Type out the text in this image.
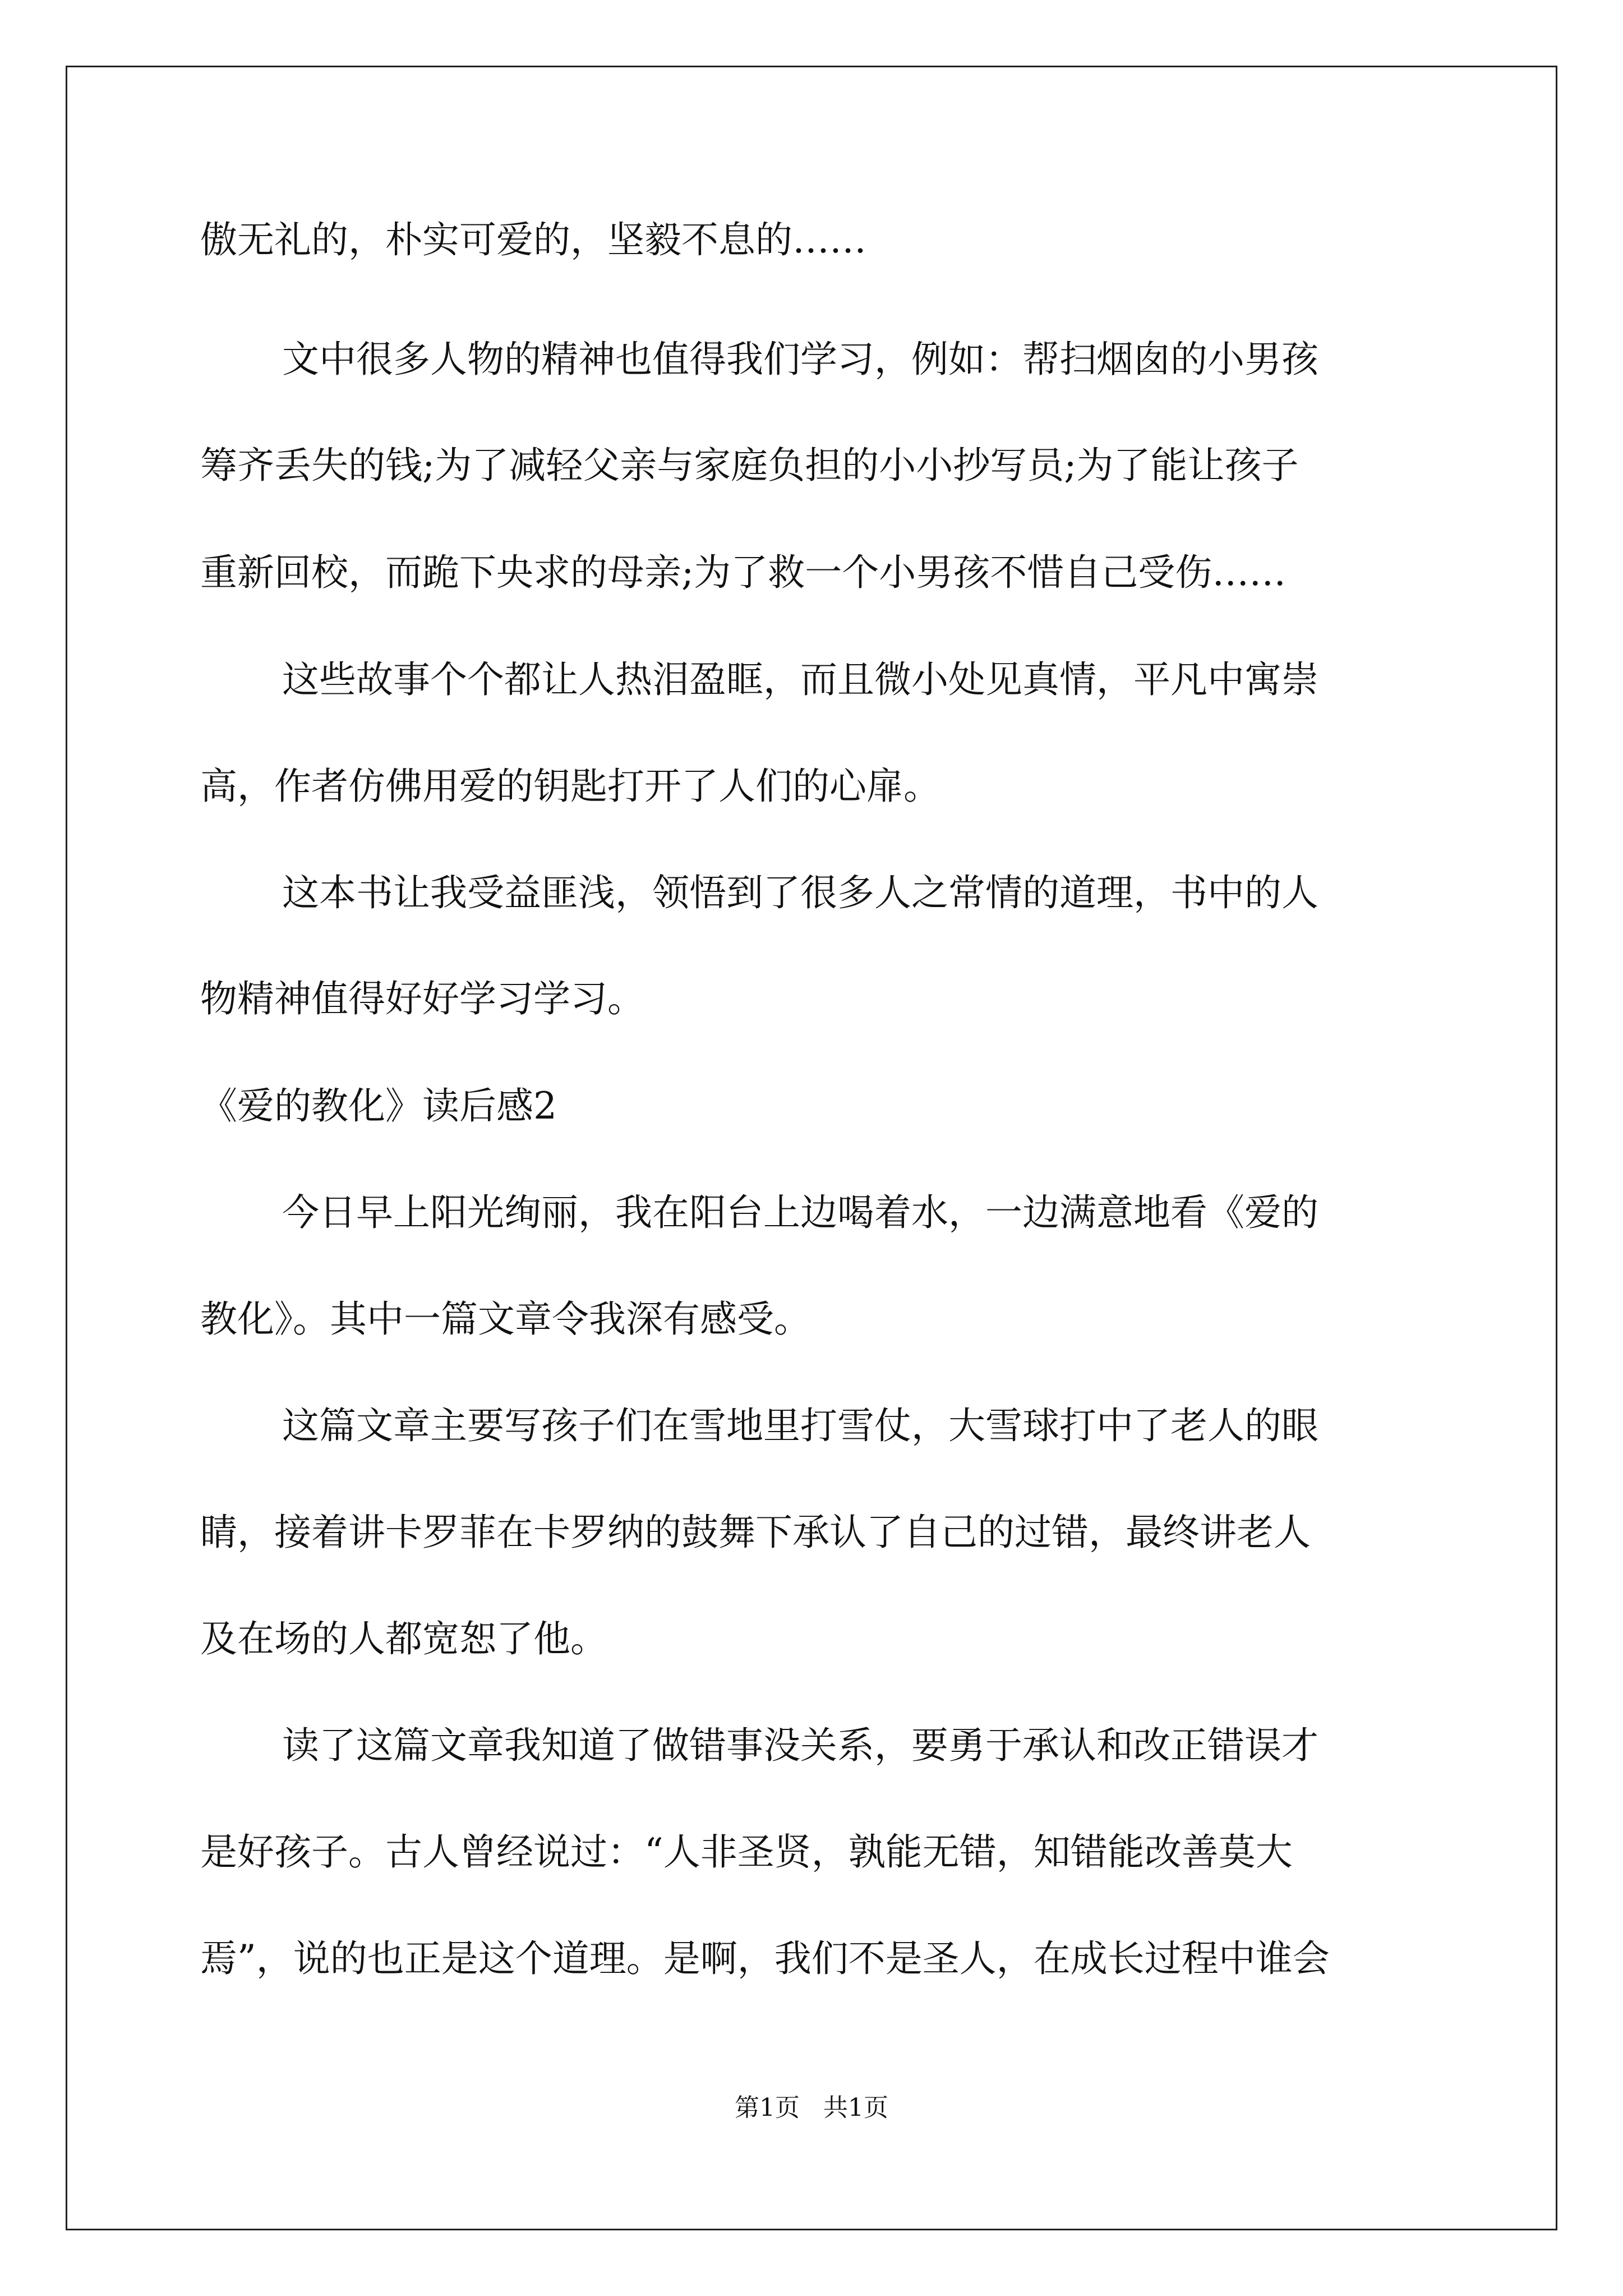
傲无礼的，朴实可爱的，坚毅不息的……
文中很多人物的精神也值得我们学习，例如：帮扫烟囱的小男孩
筹齐丢失的钱;为了减轻父亲与家庭负担的小小抄写员;为了能让孩子
重新回校，而跪下央求的母亲;为了救一个小男孩不惜自己受伤……
这些故事个个都让人热泪盈眶，而且微小处见真情，平凡中寓崇
高，作者仿佛用爱的钥匙打开了人们的心扉。
这本书让我受益匪浅，领悟到了很多人之常情的道理，书中的人
物精神值得好好学习学习。
《爱的教化》读后感2
今日早上阳光绚丽，我在阳台上边喝着水，一边满意地看《爱的
教化》。其中一篇文章令我深有感受。
这篇文章主要写孩子们在雪地里打雪仗，大雪球打中了老人的眼
睛，接着讲卡罗菲在卡罗纳的鼓舞下承认了自己的过错，最终讲老人
及在场的人都宽恕了他。
读了这篇文章我知道了做错事没关系，要勇于承认和改正错误才
是好孩子。古人曾经说过：“人非圣贤，孰能无错，知错能改善莫大
焉”，说的也正是这个道理。是啊，我们不是圣人，在成长过程中谁会
第1页   共1页
